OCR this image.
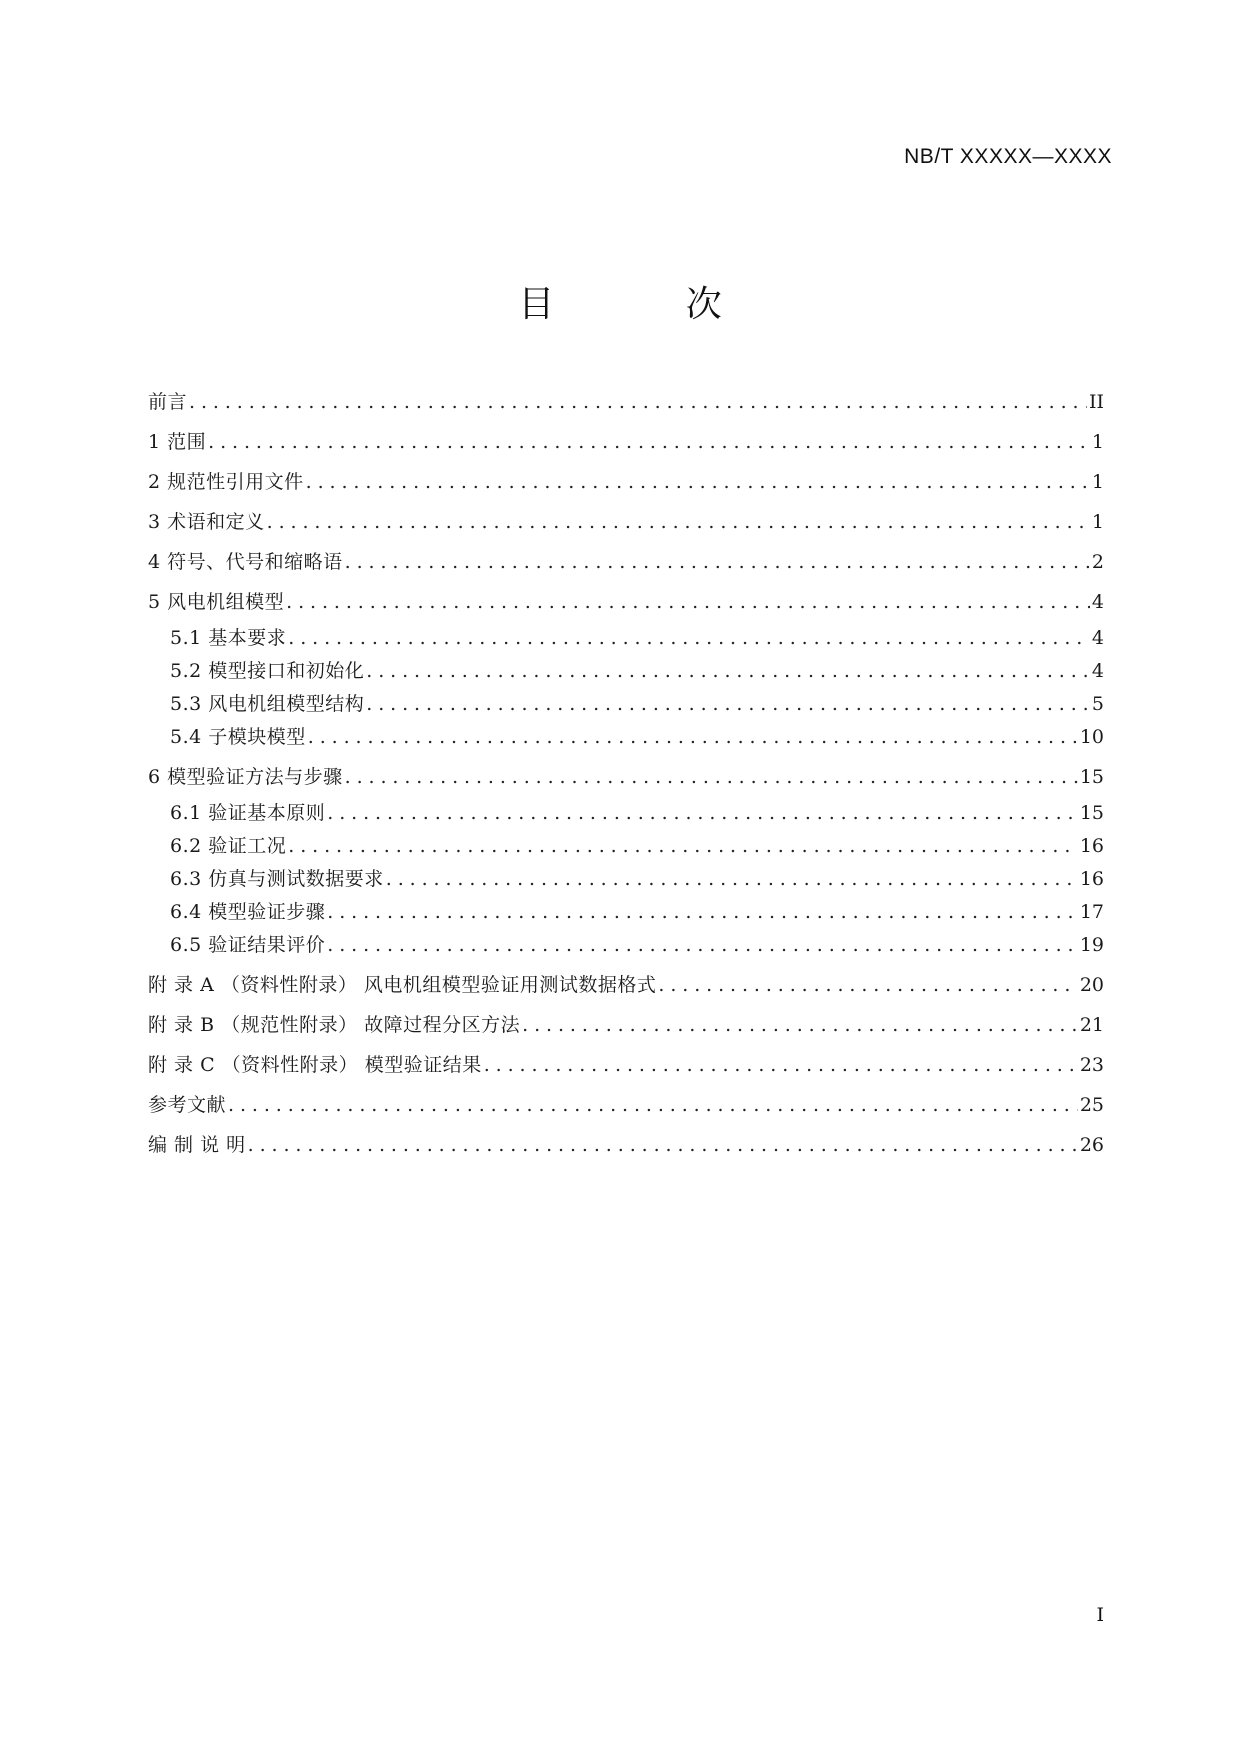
NB/T XXXXX—XXXX
目 次
前言 .....	II
1 范围 .....	1
2 规范性引用文件 .....	1
3 术语和定义 .....	1
4 符号、代号和缩略语 .....	2
5 风电机组模型 .....	4
5.1 基本要求 .....	4
5.2 模型接口和初始化 .....	4
5.3 风电机组模型结构 .....	5
5.4 子模块模型 .....	10
6 模型验证方法与步骤 .....	15
6.1 验证基本原则 .....	15
6.2 验证工况 .....	16
6.3 仿真与测试数据要求 .....	16
6.4 模型验证步骤 .....	17
6.5 验证结果评价 .....	19
附 录 A （资料性附录） 风电机组模型验证用测试数据格式 .....	20
附 录 B （规范性附录） 故障过程分区方法 .....	21
附 录 C （资料性附录） 模型验证结果 .....	23
参考文献 .....	25
编 制 说 明 .....	26
I
